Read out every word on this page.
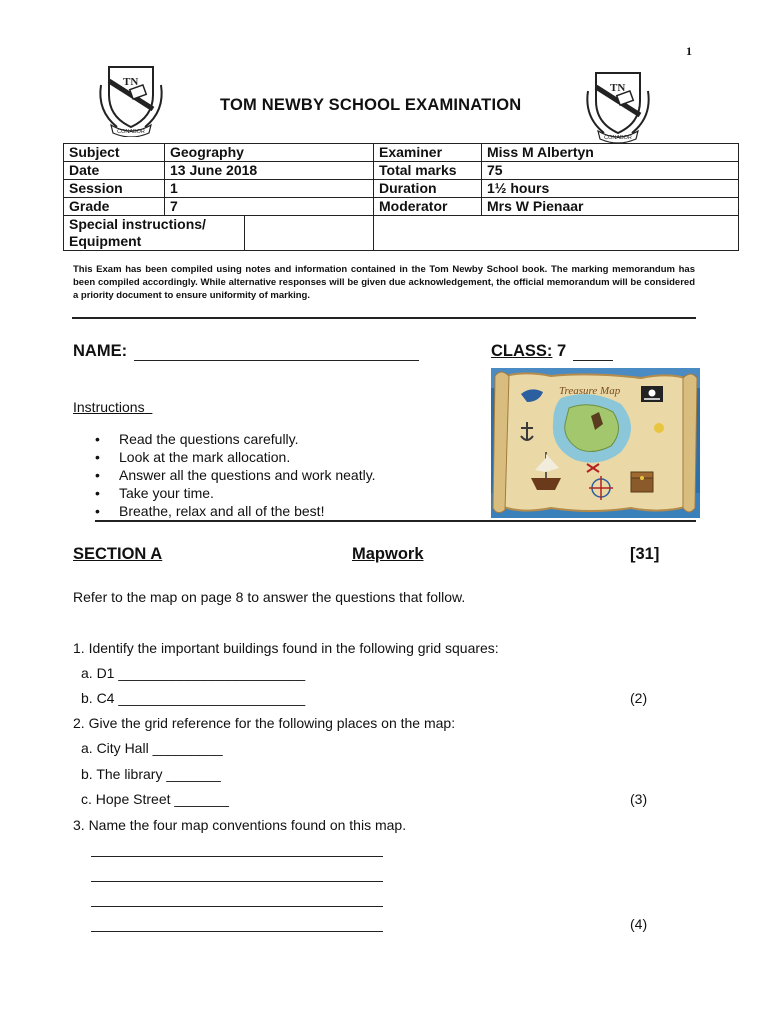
1
TN
CONABOR
TOM NEWBY SCHOOL EXAMINATION
TN
CONABOR
Subject	Geography	Examiner	Miss M Albertyn
Date	13 June 2018	Total marks	75
Session	1	Duration	1½ hours
Grade	7	Moderator	Mrs W Pienaar

Special instructions/
Equipment			

This Exam has been compiled using notes and information contained in the Tom Newby School book. The marking memorandum has been compiled accordingly. While alternative responses will be given due acknowledgement, the official memorandum will be considered a priority document to ensure uniformity of marking.
NAME:	CLASS: 7
Treasure Map
Instructions
• Read the questions carefully.
• Look at the mark allocation.
• Answer all the questions and work neatly.
• Take your time.
• Breathe, relax and all of the best!
SECTION A	Mapwork	[31]
Refer to the map on page 8 to answer the questions that follow.
1. Identify the important buildings found in the following grid squares:
a. D1 ________________________
b. C4 ________________________	(2)
2. Give the grid reference for the following places on the map:
a. City Hall _________
b. The library _______
c. Hope Street _______	(3)
3. Name the four map conventions found on this map.
(4)
